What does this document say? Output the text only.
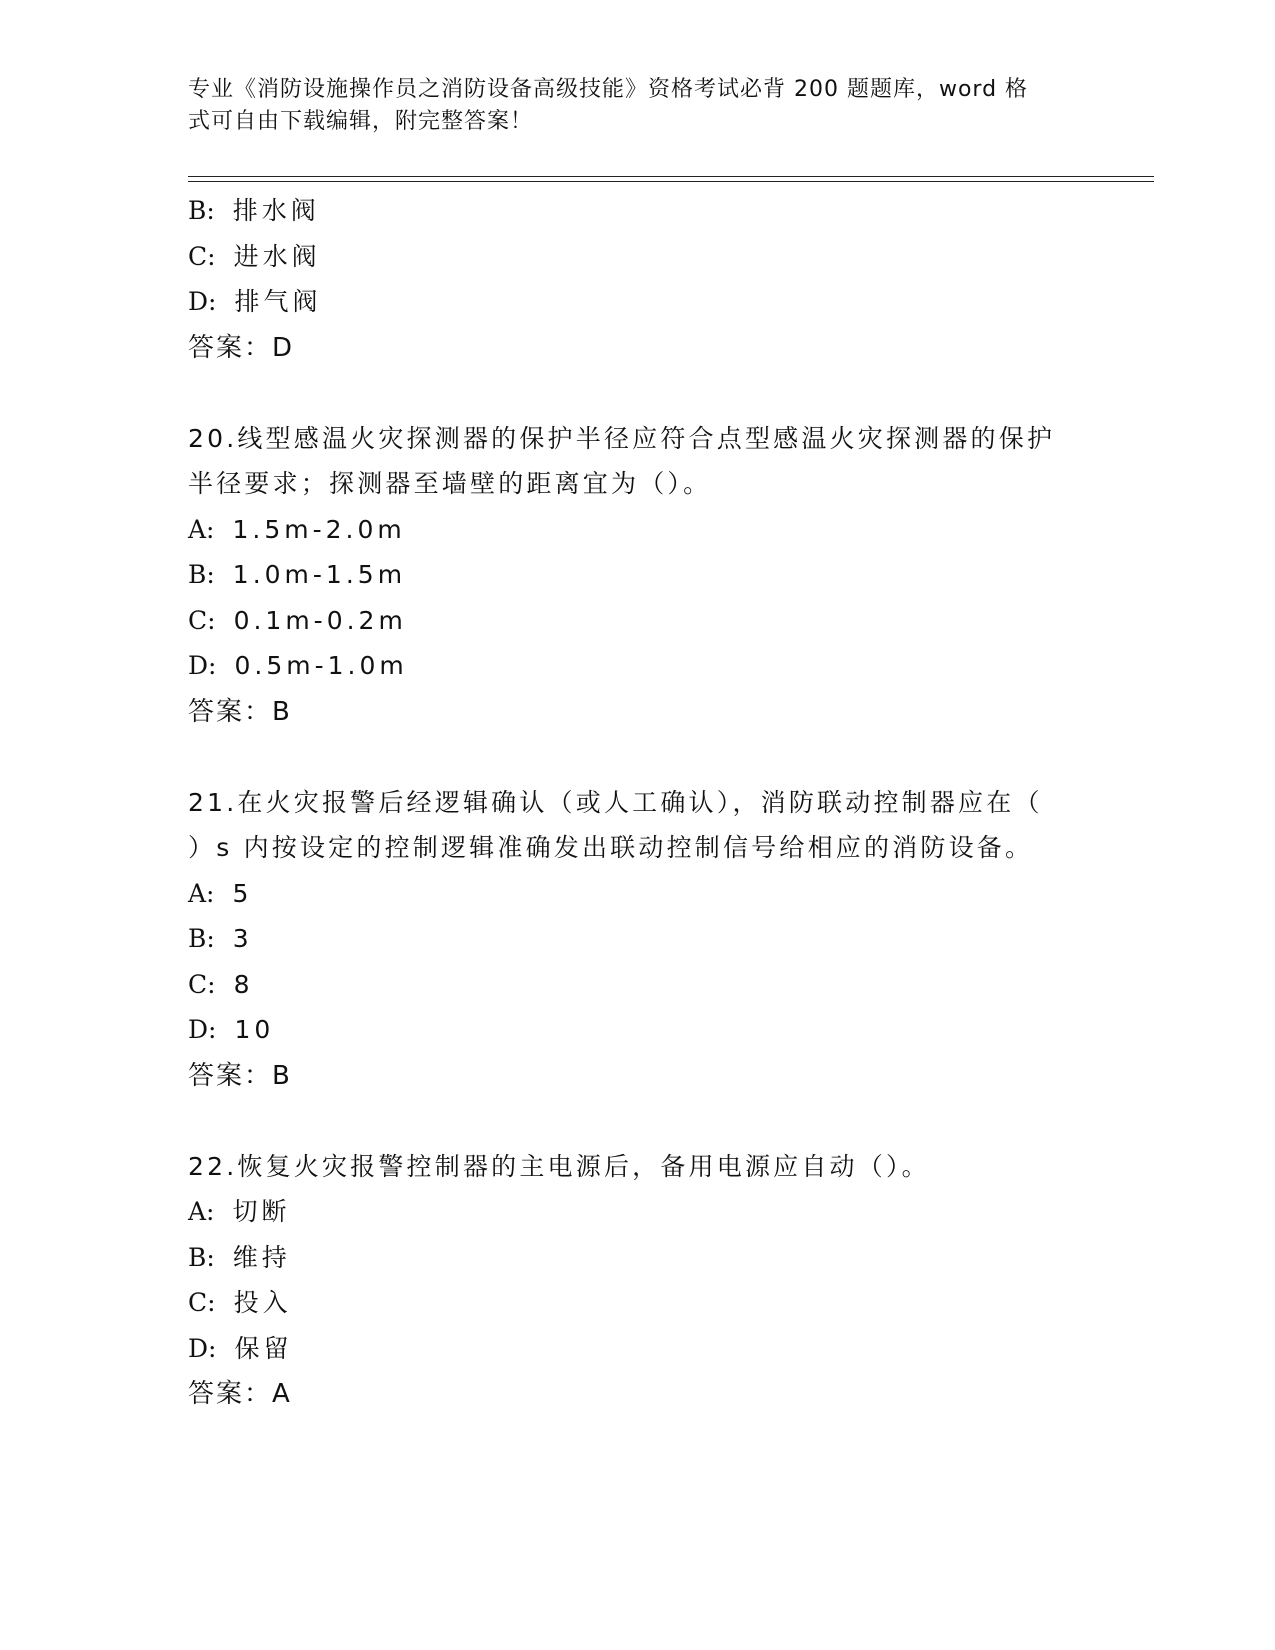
专业《消防设施操作员之消防设备高级技能》资格考试必背 200 题题库，word 格
式可自由下载编辑，附完整答案！
B: 排水阀
C: 进水阀
D: 排气阀
答案：D
20.线型感温火灾探测器的保护半径应符合点型感温火灾探测器的保护
半径要求；探测器至墙壁的距离宜为（）。
A: 1.5m-2.0m
B: 1.0m-1.5m
C: 0.1m-0.2m
D: 0.5m-1.0m
答案：B
21.在火灾报警后经逻辑确认（或人工确认），消防联动控制器应在（
）s 内按设定的控制逻辑准确发出联动控制信号给相应的消防设备。
A: 5
B: 3
C: 8
D: 10
答案：B
22.恢复火灾报警控制器的主电源后，备用电源应自动（）。
A: 切断
B: 维持
C: 投入
D: 保留
答案：A
